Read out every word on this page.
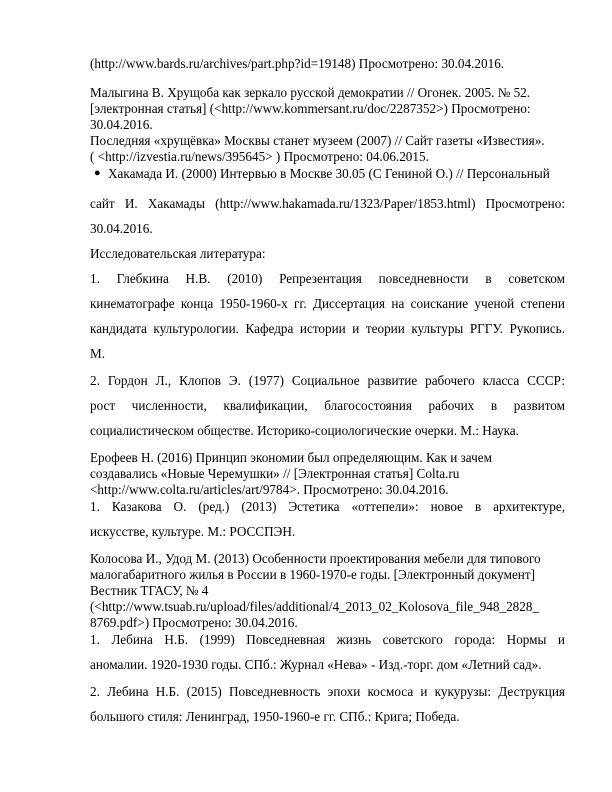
(http://www.bards.ru/archives/part.php?id=19148) Просмотрено: 30.04.2016.
Малыгина В. Хрущоба как зеркало русской демократии // Огонек. 2005. № 52.
[электронная статья] (<http://www.kommersant.ru/doc/2287352>) Просмотрено:
30.04.2016.
Последняя «хрущёвка» Москвы станет музеем (2007) // Сайт газеты «Известия».
( <http://izvestia.ru/news/395645> ) Просмотрено: 04.06.2015.
● Хакамада И. (2000) Интервью в Москве 30.05 (С Гениной О.) // Персональный
сайт И. Хакамады (http://www.hakamada.ru/1323/Paper/1853.html) Просмотрено:
30.04.2016.
Исследовательская литература:
1. Глебкина Н.В. (2010) Репрезентация повседневности в советском
кинематографе конца 1950-1960-х гг. Диссертация на соискание ученой степени
кандидата культурологии. Кафедра истории и теории культуры РГГУ. Рукопись.
М.
2. Гордон Л., Клопов Э. (1977) Социальное развитие рабочего класса СССР:
рост численности, квалификации, благосостояния рабочих в развитом
социалистическом обществе. Историко-социологические очерки. М.: Наука.
Ерофеев Н. (2016) Принцип экономии был определяющим. Как и зачем
создавались «Новые Черемушки» // [Электронная статья] Colta.ru
<http://www.colta.ru/articles/art/9784>. Просмотрено: 30.04.2016.
1. Казакова О. (ред.) (2013) Эстетика «оттепели»: новое в архитектуре,
искусстве, культуре. М.: РОССПЭН.
Колосова И., Удод М. (2013) Особенности проектирования мебели для типового
малогабаритного жилья в России в 1960-1970-е годы. [Электронный документ]
Вестник ТГАСУ, № 4
(<http://www.tsuab.ru/upload/files/additional/4_2013_02_Kolosova_file_948_2828_
8769.pdf>) Просмотрено: 30.04.2016.
1. Лебина Н.Б. (1999) Повседневная жизнь советского города: Нормы и
аномалии. 1920-1930 годы. СПб.: Журнал «Нева» - Изд.-торг. дом «Летний сад».
2. Лебина Н.Б. (2015) Повседневность эпохи космоса и кукурузы: Деструкция
большого стиля: Ленинград, 1950-1960-е гг. СПб.: Крига; Победа.
